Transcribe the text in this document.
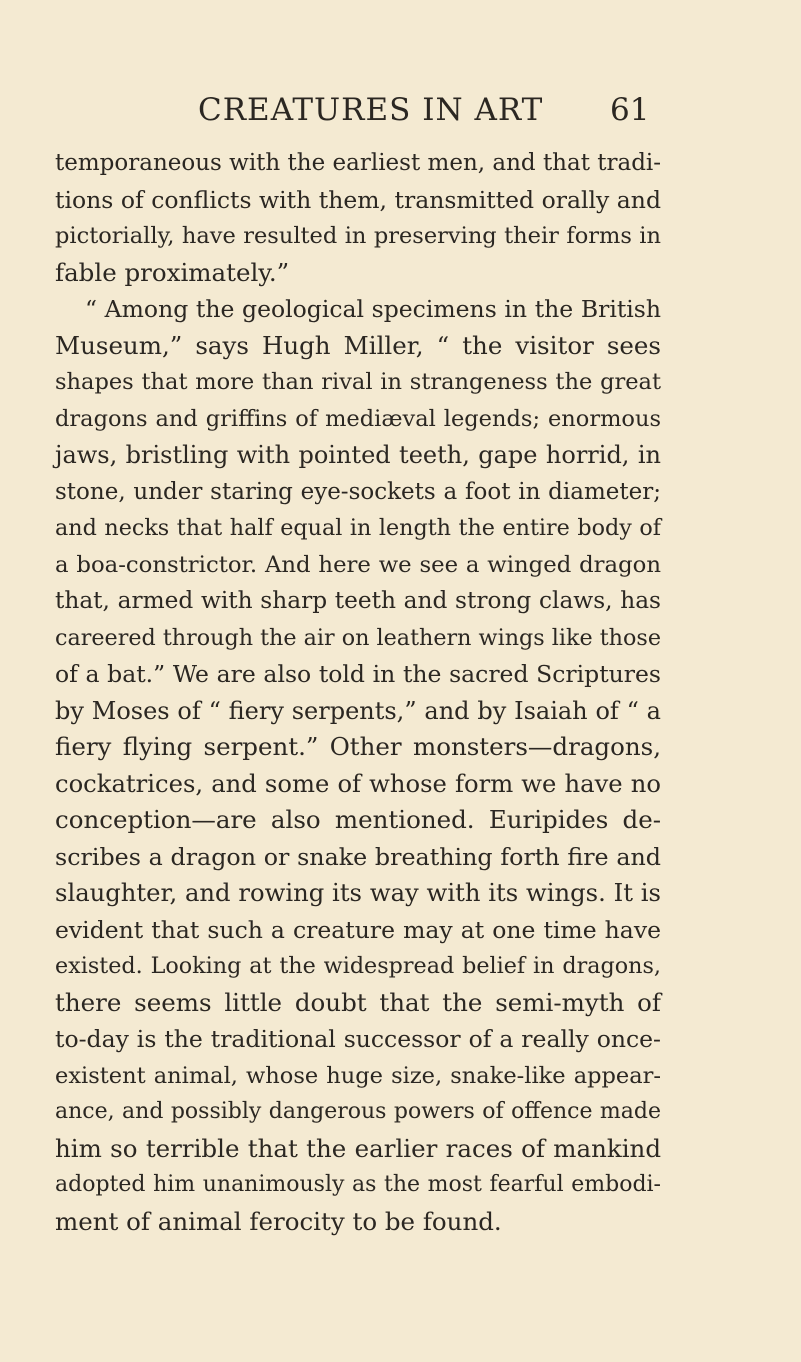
CREATURES IN ART 61
temporaneous with the earliest men, and that tradi-
tions of conflicts with them, transmitted orally and
pictorially, have resulted in preserving their forms in
fable proximately.”
“ Among the geological specimens in the British
Museum,” says Hugh Miller, “ the visitor sees
shapes that more than rival in strangeness the great
dragons and griffins of mediæval legends; enormous
jaws, bristling with pointed teeth, gape horrid, in
stone, under staring eye-sockets a foot in diameter;
and necks that half equal in length the entire body of
a boa-constrictor. And here we see a winged dragon
that, armed with sharp teeth and strong claws, has
careered through the air on leathern wings like those
of a bat.” We are also told in the sacred Scriptures
by Moses of “ fiery serpents,” and by Isaiah of “ a
fiery flying serpent.” Other monsters—dragons,
cockatrices, and some of whose form we have no
conception—are also mentioned. Euripides de-
scribes a dragon or snake breathing forth fire and
slaughter, and rowing its way with its wings. It is
evident that such a creature may at one time have
existed. Looking at the widespread belief in dragons,
there seems little doubt that the semi-myth of
to-day is the traditional successor of a really once-
existent animal, whose huge size, snake-like appear-
ance, and possibly dangerous powers of offence made
him so terrible that the earlier races of mankind
adopted him unanimously as the most fearful embodi-
ment of animal ferocity to be found.
